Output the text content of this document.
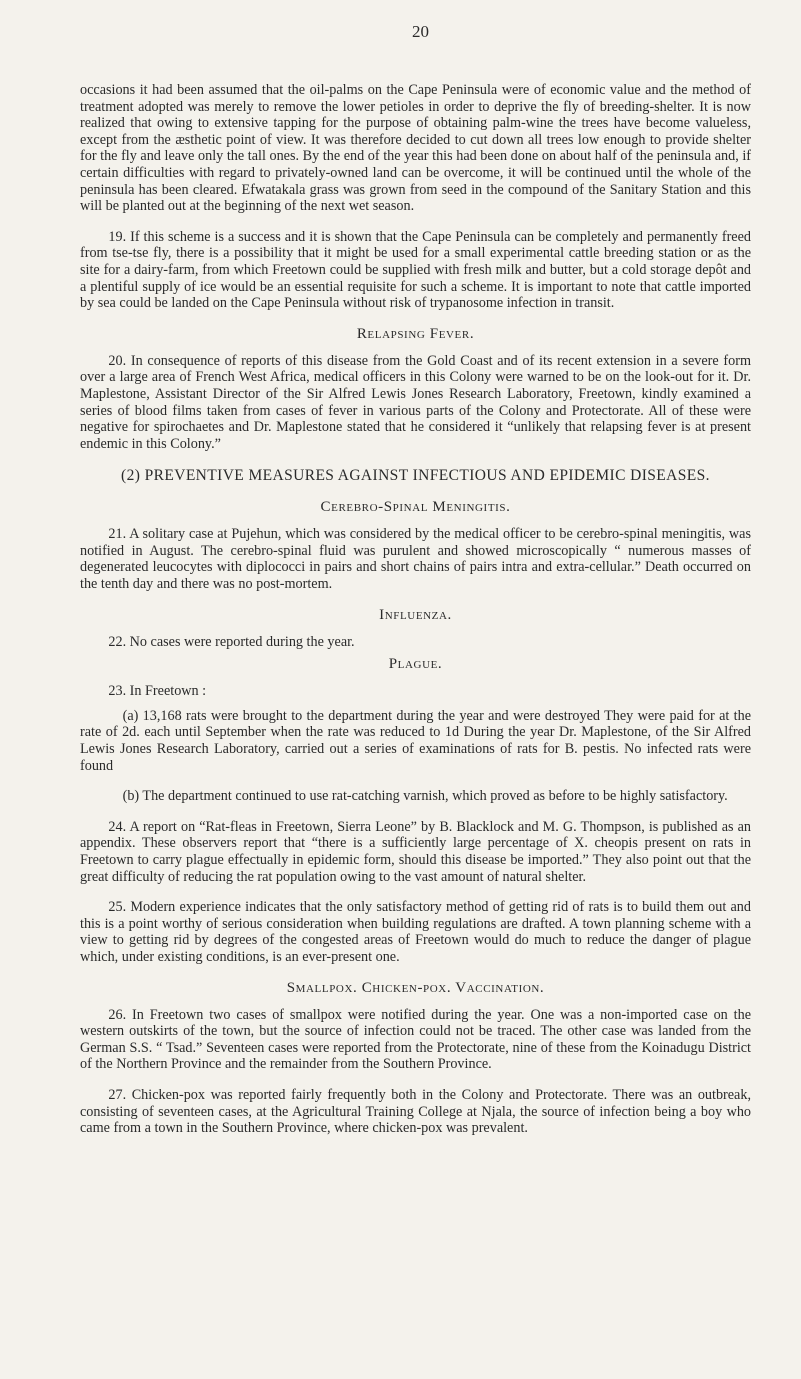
20

occasions it had been assumed that the oil-palms on the Cape Peninsula were of economic value and the method of treatment adopted was merely to remove the lower petioles in order to deprive the fly of breeding-shelter. It is now realized that owing to extensive tapping for the purpose of obtaining palm-wine the trees have become valueless, except from the æsthetic point of view. It was therefore decided to cut down all trees low enough to provide shelter for the fly and leave only the tall ones. By the end of the year this had been done on about half of the peninsula and, if certain difficulties with regard to privately-owned land can be overcome, it will be continued until the whole of the peninsula has been cleared. Efwatakala grass was grown from seed in the compound of the Sanitary Station and this will be planted out at the beginning of the next wet season.

19. If this scheme is a success and it is shown that the Cape Peninsula can be completely and permanently freed from tse-tse fly, there is a possibility that it might be used for a small experimental cattle breeding station or as the site for a dairy-farm, from which Freetown could be supplied with fresh milk and butter, but a cold storage depôt and a plentiful supply of ice would be an essential requisite for such a scheme. It is important to note that cattle imported by sea could be landed on the Cape Peninsula without risk of trypanosome infection in transit.

Relapsing Fever.

20. In consequence of reports of this disease from the Gold Coast and of its recent extension in a severe form over a large area of French West Africa, medical officers in this Colony were warned to be on the look-out for it. Dr. Maplestone, Assistant Director of the Sir Alfred Lewis Jones Research Laboratory, Freetown, kindly examined a series of blood films taken from cases of fever in various parts of the Colony and Protectorate. All of these were negative for spirochaetes and Dr. Maplestone stated that he considered it “unlikely that relapsing fever is at present endemic in this Colony.”

(2) PREVENTIVE MEASURES AGAINST INFECTIOUS AND EPIDEMIC DISEASES.
Cerebro-Spinal Meningitis.

21. A solitary case at Pujehun, which was considered by the medical officer to be cerebro-spinal meningitis, was notified in August. The cerebro-spinal fluid was purulent and showed microscopically “ numerous masses of degenerated leucocytes with diplococci in pairs and short chains of pairs intra and extra-cellular.” Death occurred on the tenth day and there was no post-mortem.

Influenza.

22. No cases were reported during the year.

Plague.

23. In Freetown :

(a) 13,168 rats were brought to the department during the year and were destroyed They were paid for at the rate of 2d. each until September when the rate was reduced to 1d During the year Dr. Maplestone, of the Sir Alfred Lewis Jones Research Laboratory, carried out a series of examinations of rats for B. pestis. No infected rats were found

(b) The department continued to use rat-catching varnish, which proved as before to be highly satisfactory.

24. A report on “Rat-fleas in Freetown, Sierra Leone” by B. Blacklock and M. G. Thompson, is published as an appendix. These observers report that “there is a sufficiently large percentage of X. cheopis present on rats in Freetown to carry plague effectually in epidemic form, should this disease be imported.” They also point out that the great difficulty of reducing the rat population owing to the vast amount of natural shelter.

25. Modern experience indicates that the only satisfactory method of getting rid of rats is to build them out and this is a point worthy of serious consideration when building regulations are drafted. A town planning scheme with a view to getting rid by degrees of the congested areas of Freetown would do much to reduce the danger of plague which, under existing conditions, is an ever-present one.

Smallpox. Chicken-pox. Vaccination.

26. In Freetown two cases of smallpox were notified during the year. One was a non-imported case on the western outskirts of the town, but the source of infection could not be traced. The other case was landed from the German S.S. “ Tsad.” Seventeen cases were reported from the Protectorate, nine of these from the Koinadugu District of the Northern Province and the remainder from the Southern Province.

27. Chicken-pox was reported fairly frequently both in the Colony and Protectorate. There was an outbreak, consisting of seventeen cases, at the Agricultural Training College at Njala, the source of infection being a boy who came from a town in the Southern Province, where chicken-pox was prevalent.
